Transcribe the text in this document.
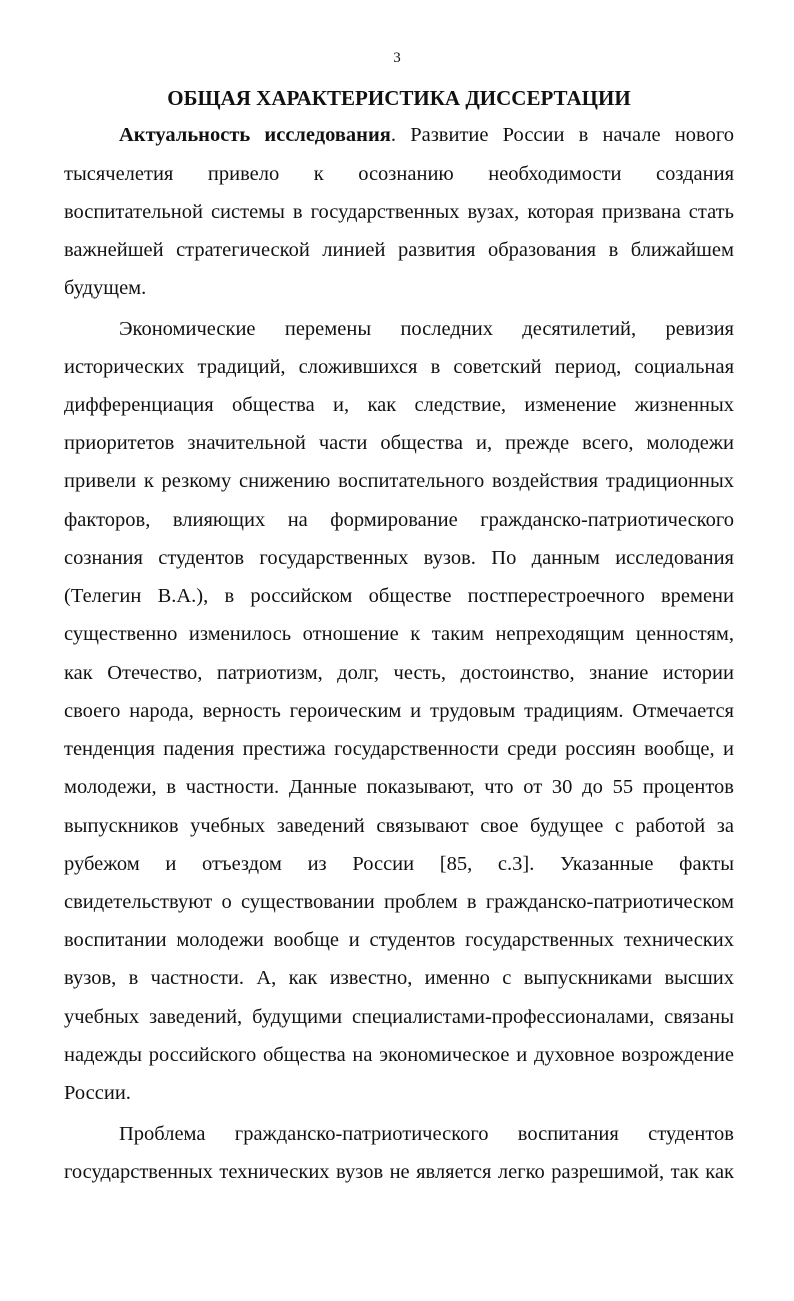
3
ОБЩАЯ ХАРАКТЕРИСТИКА ДИССЕРТАЦИИ
Актуальность исследования. Развитие России в начале нового
тысячелетия привело к осознанию необходимости создания
воспитательной системы в государственных вузах, которая призвана стать
важнейшей стратегической линией развития образования в ближайшем
будущем.
Экономические перемены последних десятилетий, ревизия
исторических традиций, сложившихся в советский период, социальная
дифференциация общества и, как следствие, изменение жизненных
приоритетов значительной части общества и, прежде всего, молодежи
привели к резкому снижению воспитательного воздействия традиционных
факторов, влияющих на формирование гражданско-патриотического
сознания студентов государственных вузов. По данным исследования
(Телегин В.А.), в российском обществе постперестроечного времени
существенно изменилось отношение к таким непреходящим ценностям,
как Отечество, патриотизм, долг, честь, достоинство, знание истории
своего народа, верность героическим и трудовым традициям. Отмечается
тенденция падения престижа государственности среди россиян вообще, и
молодежи, в частности. Данные показывают, что от 30 до 55 процентов
выпускников учебных заведений связывают свое будущее с работой за
рубежом и отъездом из России [85, с.3]. Указанные факты
свидетельствуют о существовании проблем в гражданско-патриотическом
воспитании молодежи вообще и студентов государственных технических
вузов, в частности. А, как известно, именно с выпускниками высших
учебных заведений, будущими специалистами-профессионалами, связаны
надежды российского общества на экономическое и духовное возрождение
России.
Проблема гражданско-патриотического воспитания студентов
государственных технических вузов не является легко разрешимой, так как
